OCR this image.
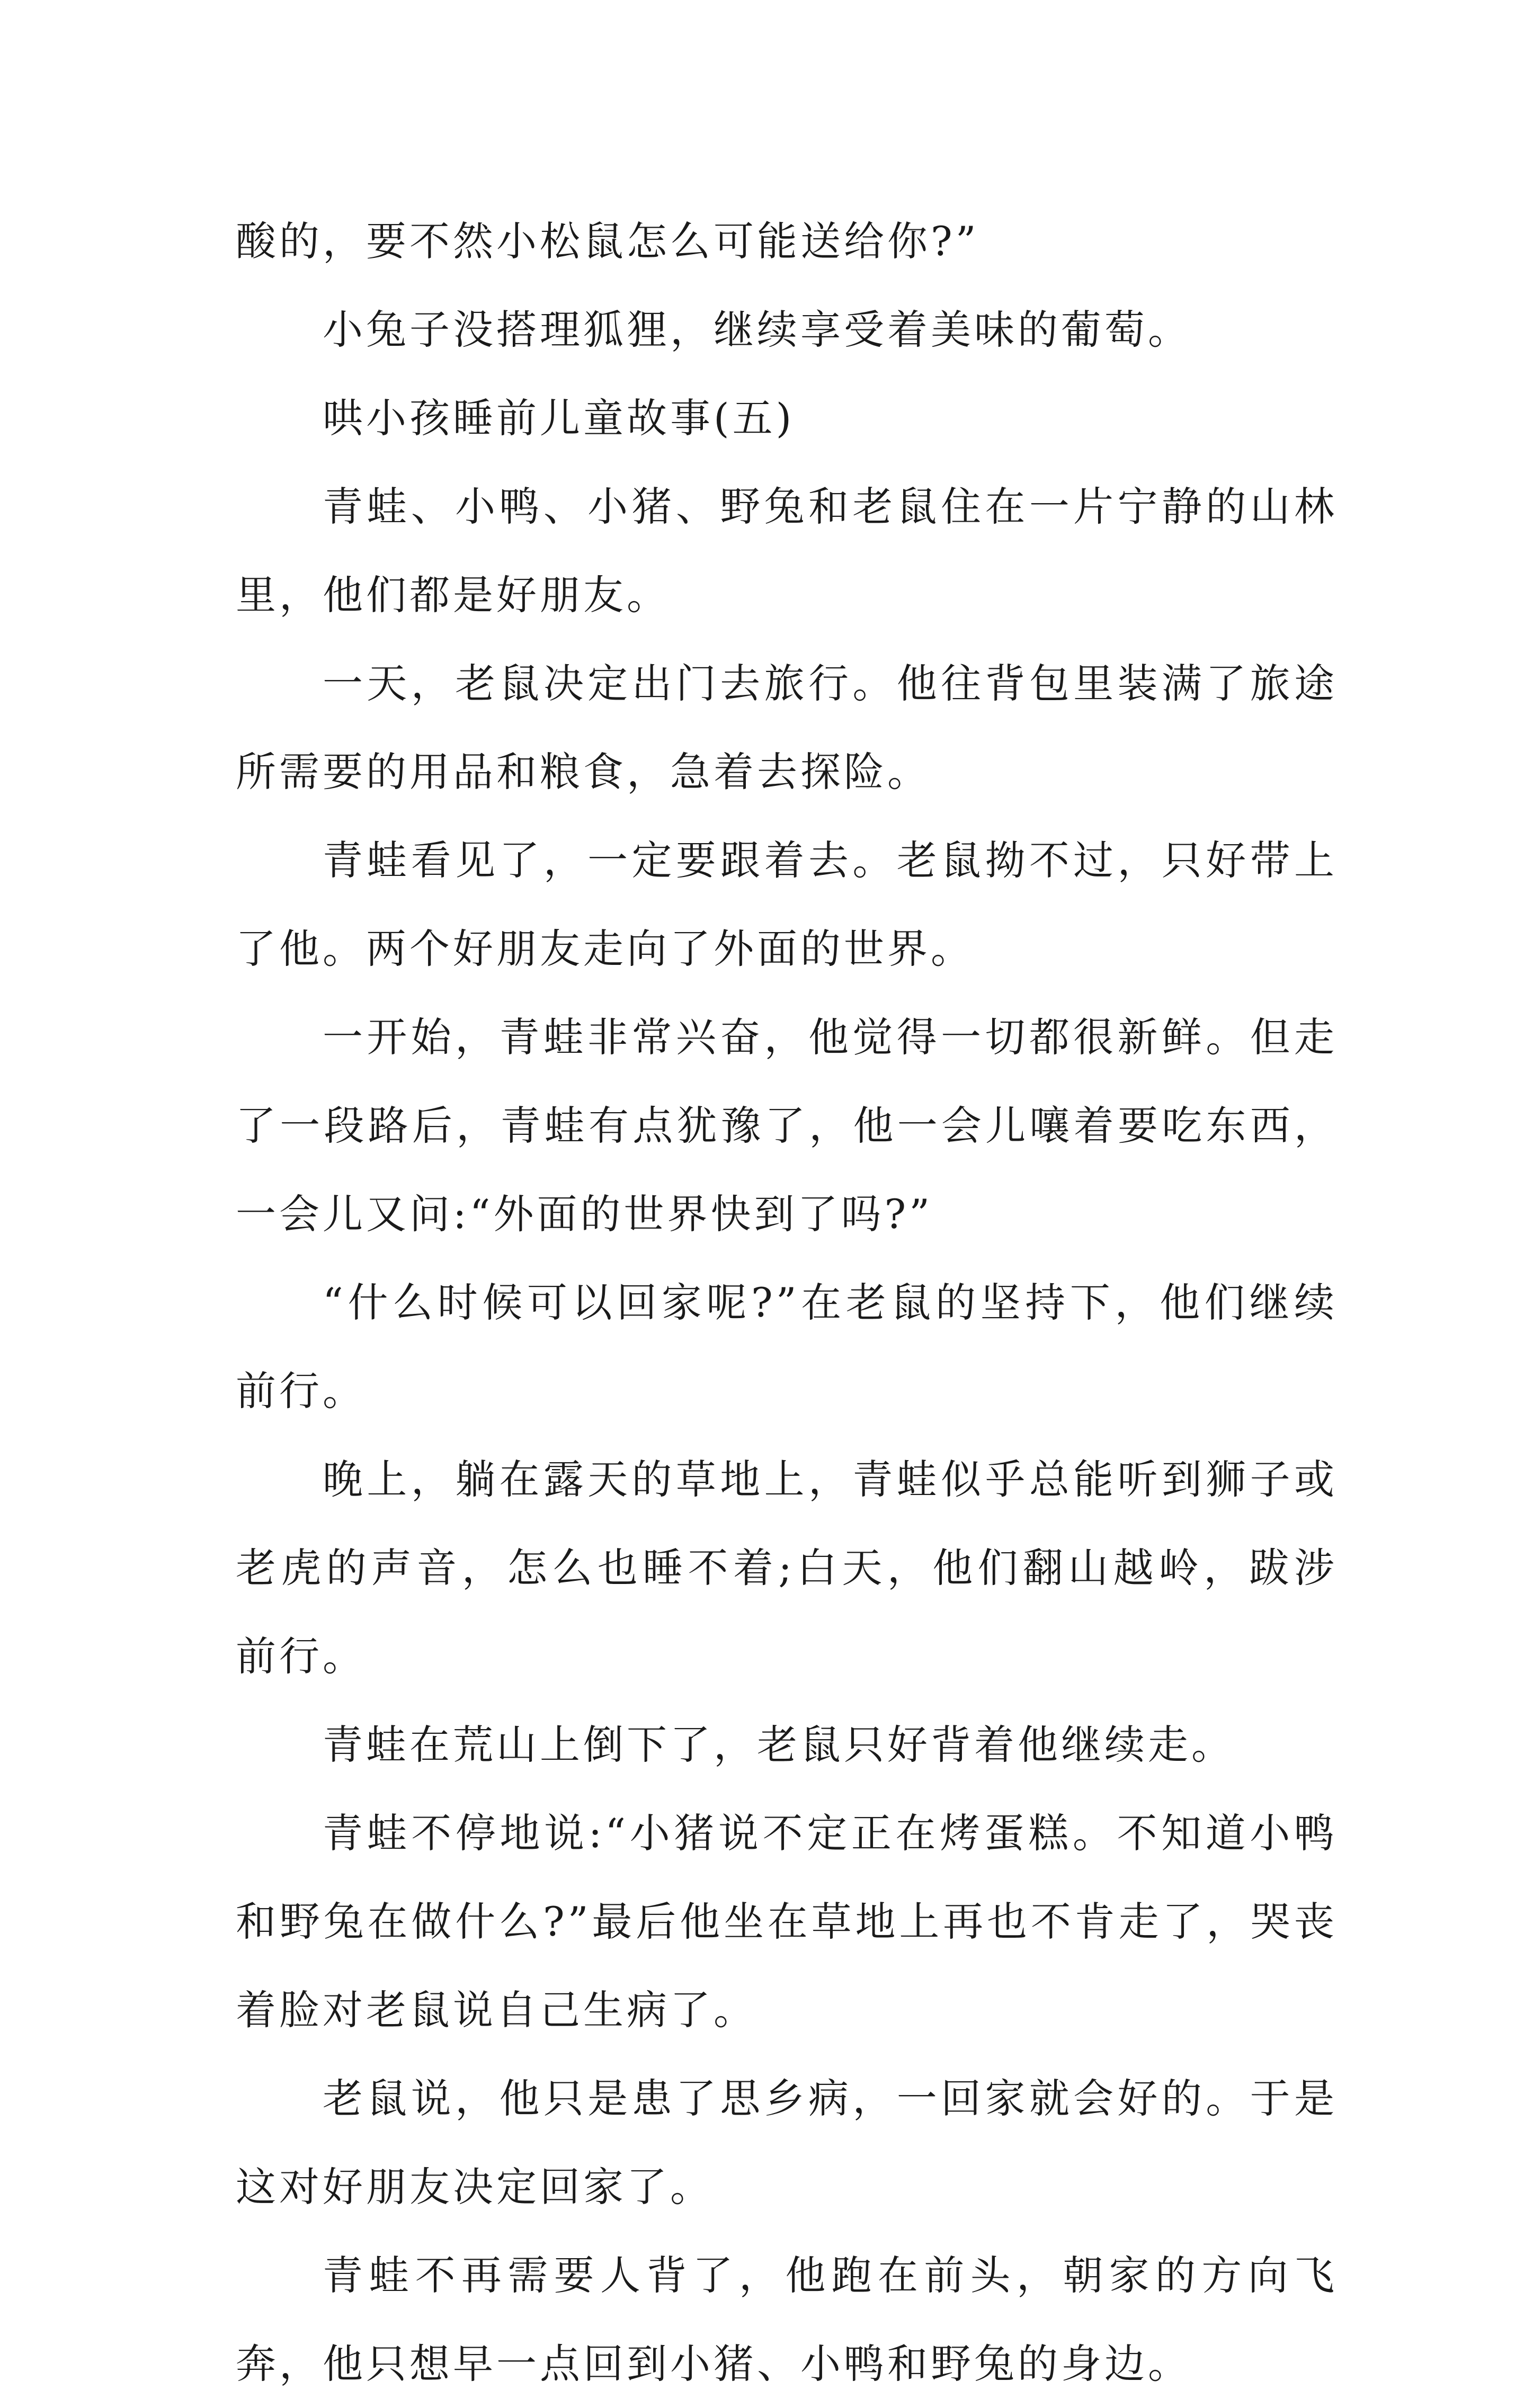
酸的，要不然小松鼠怎么可能送给你?”

小兔子没搭理狐狸，继续享受着美味的葡萄。

哄小孩睡前儿童故事(五)

青蛙、小鸭、小猪、野兔和老鼠住在一片宁静的山林里，他们都是好朋友。

一天，老鼠决定出门去旅行。他往背包里装满了旅途所需要的用品和粮食，急着去探险。

青蛙看见了，一定要跟着去。老鼠拗不过，只好带上了他。两个好朋友走向了外面的世界。

一开始，青蛙非常兴奋，他觉得一切都很新鲜。但走了一段路后，青蛙有点犹豫了，他一会儿嚷着要吃东西，一会儿又问:“外面的世界快到了吗?”

“什么时候可以回家呢?”在老鼠的坚持下，他们继续前行。

晚上，躺在露天的草地上，青蛙似乎总能听到狮子或老虎的声音，怎么也睡不着;白天，他们翻山越岭，跋涉前行。

青蛙在荒山上倒下了，老鼠只好背着他继续走。

青蛙不停地说:“小猪说不定正在烤蛋糕。不知道小鸭和野兔在做什么?”最后他坐在草地上再也不肯走了，哭丧着脸对老鼠说自己生病了。

老鼠说，他只是患了思乡病，一回家就会好的。于是这对好朋友决定回家了。

青蛙不再需要人背了，他跑在前头，朝家的方向飞奔，他只想早一点回到小猪、小鸭和野兔的身边。
